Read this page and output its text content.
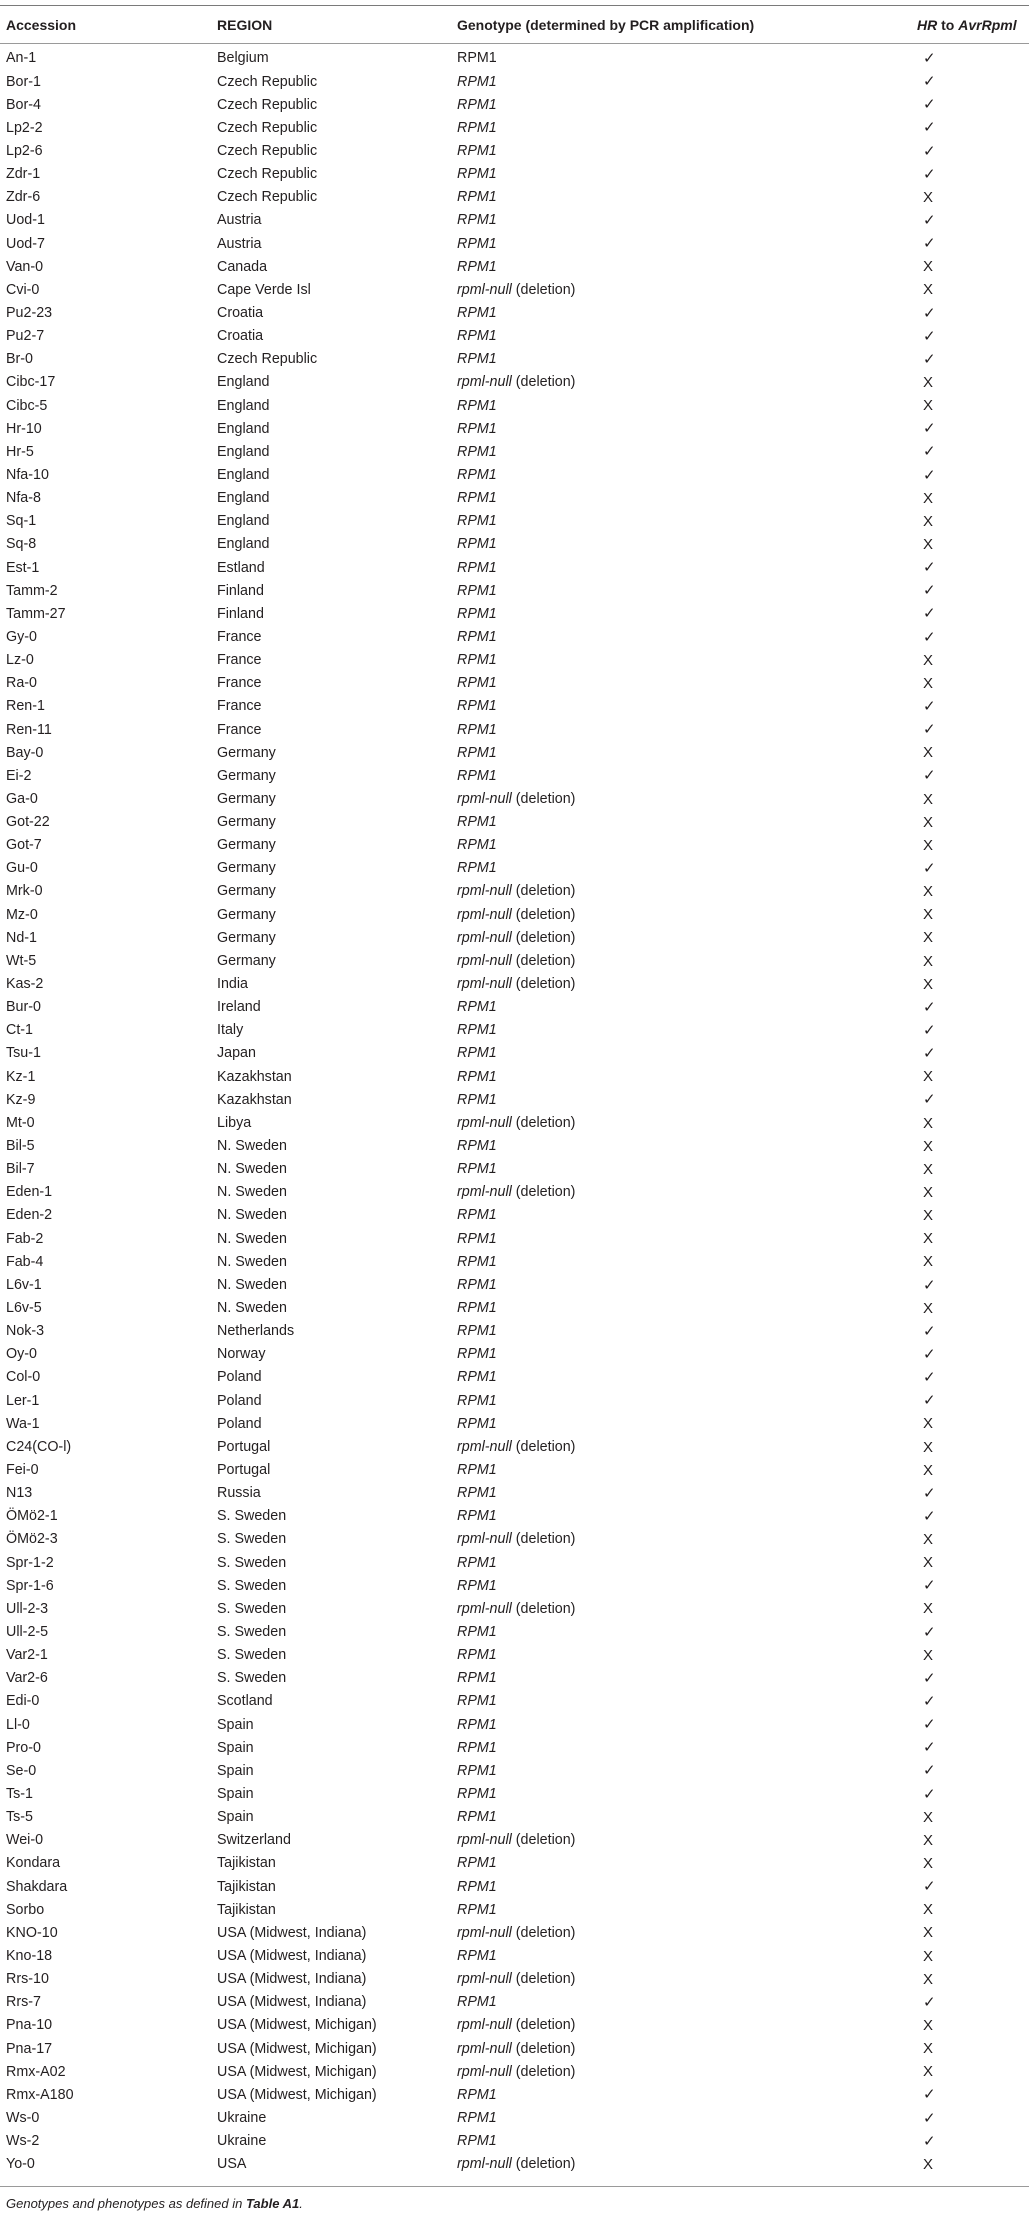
Accession	REGION	Genotype (determined by PCR amplification)	HR to AvrRpml
An-1	Belgium	RPM1	✓
Bor-1	Czech Republic	RPM1	✓
Bor-4	Czech Republic	RPM1	✓
Lp2-2	Czech Republic	RPM1	✓
Lp2-6	Czech Republic	RPM1	✓
Zdr-1	Czech Republic	RPM1	✓
Zdr-6	Czech Republic	RPM1	X
Uod-1	Austria	RPM1	✓
Uod-7	Austria	RPM1	✓
Van-0	Canada	RPM1	X
Cvi-0	Cape Verde Isl	rpml-null (deletion)	X
Pu2-23	Croatia	RPM1	✓
Pu2-7	Croatia	RPM1	✓
Br-0	Czech Republic	RPM1	✓
Cibc-17	England	rpml-null (deletion)	X
Cibc-5	England	RPM1	X
Hr-10	England	RPM1	✓
Hr-5	England	RPM1	✓
Nfa-10	England	RPM1	✓
Nfa-8	England	RPM1	X
Sq-1	England	RPM1	X
Sq-8	England	RPM1	X
Est-1	Estland	RPM1	✓
Tamm-2	Finland	RPM1	✓
Tamm-27	Finland	RPM1	✓
Gy-0	France	RPM1	✓
Lz-0	France	RPM1	X
Ra-0	France	RPM1	X
Ren-1	France	RPM1	✓
Ren-11	France	RPM1	✓
Bay-0	Germany	RPM1	X
Ei-2	Germany	RPM1	✓
Ga-0	Germany	rpml-null (deletion)	X
Got-22	Germany	RPM1	X
Got-7	Germany	RPM1	X
Gu-0	Germany	RPM1	✓
Mrk-0	Germany	rpml-null (deletion)	X
Mz-0	Germany	rpml-null (deletion)	X
Nd-1	Germany	rpml-null (deletion)	X
Wt-5	Germany	rpml-null (deletion)	X
Kas-2	India	rpml-null (deletion)	X
Bur-0	Ireland	RPM1	✓
Ct-1	Italy	RPM1	✓
Tsu-1	Japan	RPM1	✓
Kz-1	Kazakhstan	RPM1	X
Kz-9	Kazakhstan	RPM1	✓
Mt-0	Libya	rpml-null (deletion)	X
Bil-5	N. Sweden	RPM1	X
Bil-7	N. Sweden	RPM1	X
Eden-1	N. Sweden	rpml-null (deletion)	X
Eden-2	N. Sweden	RPM1	X
Fab-2	N. Sweden	RPM1	X
Fab-4	N. Sweden	RPM1	X
L6v-1	N. Sweden	RPM1	✓
L6v-5	N. Sweden	RPM1	X
Nok-3	Netherlands	RPM1	✓
Oy-0	Norway	RPM1	✓
Col-0	Poland	RPM1	✓
Ler-1	Poland	RPM1	✓
Wa-1	Poland	RPM1	X
C24(CO-l)	Portugal	rpml-null (deletion)	X
Fei-0	Portugal	RPM1	X
N13	Russia	RPM1	✓
ÖMö2-1	S. Sweden	RPM1	✓
ÖMö2-3	S. Sweden	rpml-null (deletion)	X
Spr-1-2	S. Sweden	RPM1	X
Spr-1-6	S. Sweden	RPM1	✓
Ull-2-3	S. Sweden	rpml-null (deletion)	X
Ull-2-5	S. Sweden	RPM1	✓
Var2-1	S. Sweden	RPM1	X
Var2-6	S. Sweden	RPM1	✓
Edi-0	Scotland	RPM1	✓
Ll-0	Spain	RPM1	✓
Pro-0	Spain	RPM1	✓
Se-0	Spain	RPM1	✓
Ts-1	Spain	RPM1	✓
Ts-5	Spain	RPM1	X
Wei-0	Switzerland	rpml-null (deletion)	X
Kondara	Tajikistan	RPM1	X
Shakdara	Tajikistan	RPM1	✓
Sorbo	Tajikistan	RPM1	X
KNO-10	USA (Midwest, Indiana)	rpml-null (deletion)	X
Kno-18	USA (Midwest, Indiana)	RPM1	X
Rrs-10	USA (Midwest, Indiana)	rpml-null (deletion)	X
Rrs-7	USA (Midwest, Indiana)	RPM1	✓
Pna-10	USA (Midwest, Michigan)	rpml-null (deletion)	X
Pna-17	USA (Midwest, Michigan)	rpml-null (deletion)	X
Rmx-A02	USA (Midwest, Michigan)	rpml-null (deletion)	X
Rmx-A180	USA (Midwest, Michigan)	RPM1	✓
Ws-0	Ukraine	RPM1	✓
Ws-2	Ukraine	RPM1	✓
Yo-0	USA	rpml-null (deletion)	X
Genotypes and phenotypes as defined in Table A1.
